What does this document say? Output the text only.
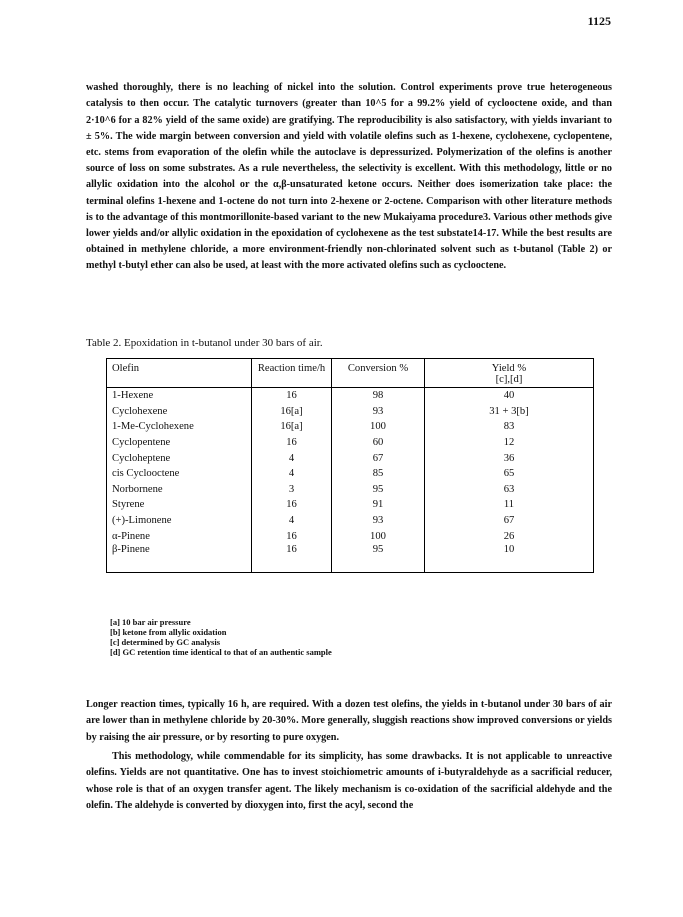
1125

washed thoroughly, there is no leaching of nickel into the solution. Control experiments prove true heterogeneous catalysis to then occur. The catalytic turnovers (greater than 10^5 for a 99.2% yield of cyclooctene oxide, and than 2·10^6 for a 82% yield of the same oxide) are gratifying. The reproducibility is also satisfactory, with yields invariant to ± 5%. The wide margin between conversion and yield with volatile olefins such as 1-hexene, cyclohexene, cyclopentene, etc. stems from evaporation of the olefin while the autoclave is depressurized. Polymerization of the olefins is another source of loss on some substrates. As a rule nevertheless, the selectivity is excellent. With this methodology, little or no allylic oxidation into the alcohol or the α,β-unsaturated ketone occurs. Neither does isomerization take place: the terminal olefins 1-hexene and 1-octene do not turn into 2-hexene or 2-octene. Comparison with other literature methods is to the advantage of this montmorillonite-based variant to the new Mukaiyama procedure3. Various other methods give lower yields and/or allylic oxidation in the epoxidation of cyclohexene as the test substate14-17. While the best results are obtained in methylene chloride, a more environment-friendly non-chlorinated solvent such as t-butanol (Table 2) or methyl t-butyl ether can also be used, at least with the more activated olefins such as cyclooctene.

Table 2. Epoxidation in t-butanol under 30 bars of air.
Olefin	Reaction time/h	Conversion %	Yield %
[c],[d]

1-Hexene	16	98	40
Cyclohexene	16[a]	93	31 + 3[b]
1-Me-Cyclohexene	16[a]	100	83
Cyclopentene	16	60	12
Cycloheptene	4	67	36
cis Cyclooctene	4	85	65
Norbornene	3	95	63
Styrene	16	91	11
(+)-Limonene	4	93	67
α-Pinene	16	100	26
β-Pinene	16	95	10
[a] 10 bar air pressure
[b] ketone from allylic oxidation
[c] determined by GC analysis
[d] GC retention time identical to that of an authentic sample

Longer reaction times, typically 16 h, are required. With a dozen test olefins, the yields in t-butanol under 30 bars of air are lower than in methylene chloride by 20-30%. More generally, sluggish reactions show improved conversions or yields by raising the air pressure, or by resorting to pure oxygen.

This methodology, while commendable for its simplicity, has some drawbacks. It is not applicable to unreactive olefins. Yields are not quantitative. One has to invest stoichiometric amounts of i-butyraldehyde as a sacrificial reducer, whose role is that of an oxygen transfer agent. The likely mechanism is co-oxidation of the sacrificial aldehyde and the olefin. The aldehyde is converted by dioxygen into, first the acyl, second the
